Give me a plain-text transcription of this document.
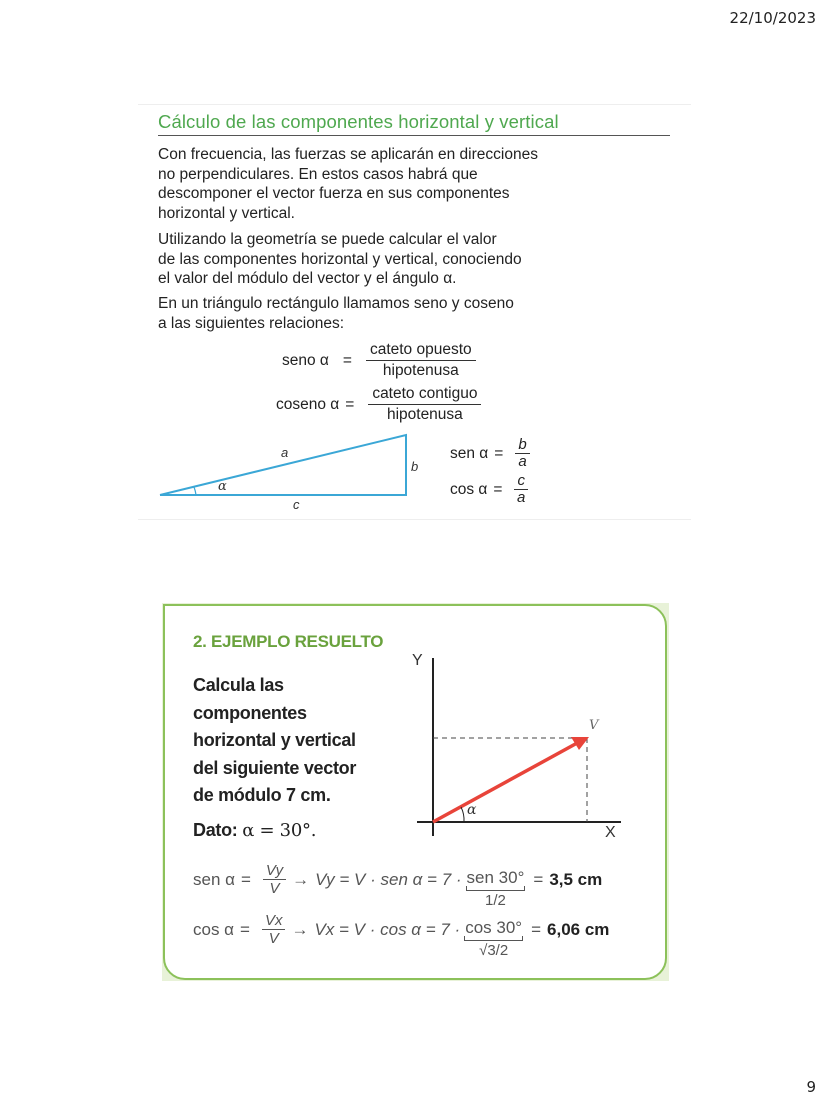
22/10/2023
Cálculo de las componentes horizontal y vertical
Con frecuencia, las fuerzas se aplicarán en direcciones
no perpendiculares. En estos casos habrá que
descomponer el vector fuerza en sus componentes
horizontal y vertical.
Utilizando la geometría se puede calcular el valor
de las componentes horizontal y vertical, conociendo
el valor del módulo del vector y el ángulo α.
En un triángulo rectángulo llamamos seno y coseno
a las siguientes relaciones:
seno $\alpha = \frac{\text{cateto opuesto}}{\text{hipotenusa}}$
coseno $\alpha = \frac{\text{cateto contiguo}}{\text{hipotenusa}}$
a
b
c
α
sen $\alpha = \frac{b}{a}$
$\cos \alpha = \frac{c}{a}$
2. EJEMPLO RESUELTO
Calcula las
componentes
horizontal y vertical
del siguiente vector
de módulo 7 cm.
Dato: α = 30°.
Y
X
V
α
sen $\alpha = \frac{Vy}{V} \to Vy = V$ · sen α = 7 · sen 30°
1/2
= 3,5 cm
$\cos \alpha = \frac{Vx}{V} \to Vx = V \cdot \cos \alpha = 7 \cdot \frac{\cos 30^\circ}{√3/2} = 6,06$ cm
9
